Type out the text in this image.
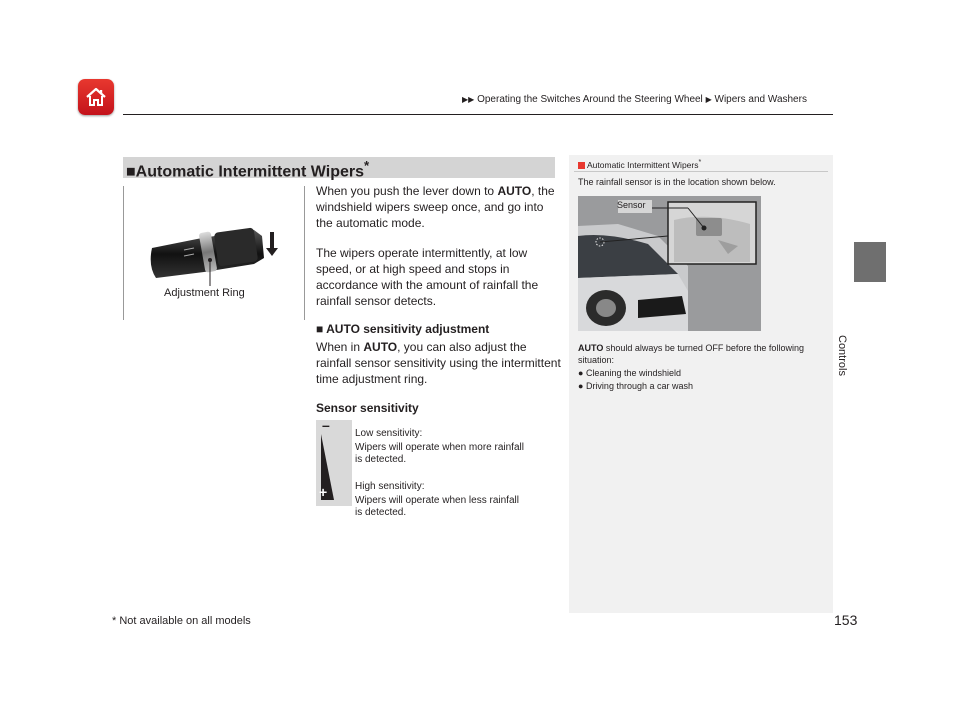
▶▶ Operating the Switches Around the Steering Wheel ▶ Wipers and Washers
Controls
■Automatic Intermittent Wipers*
Adjustment Ring
When you push the lever down to AUTO, the windshield wipers sweep once, and go into the automatic mode.
The wipers operate intermittently, at low speed, or at high speed and stops in accordance with the amount of rainfall the rainfall sensor detects.
■ AUTO sensitivity adjustment
When in AUTO, you can also adjust the rainfall sensor sensitivity using the intermittent time adjustment ring.
Sensor sensitivity
–
+
Low sensitivity:
Wipers will operate when more rainfall is detected.
High sensitivity:
Wipers will operate when less rainfall is detected.
Automatic Intermittent Wipers*
The rainfall sensor is in the location shown below.
Sensor
AUTO should always be turned OFF before the following situation:
● Cleaning the windshield
● Driving through a car wash
* Not available on all models	153
